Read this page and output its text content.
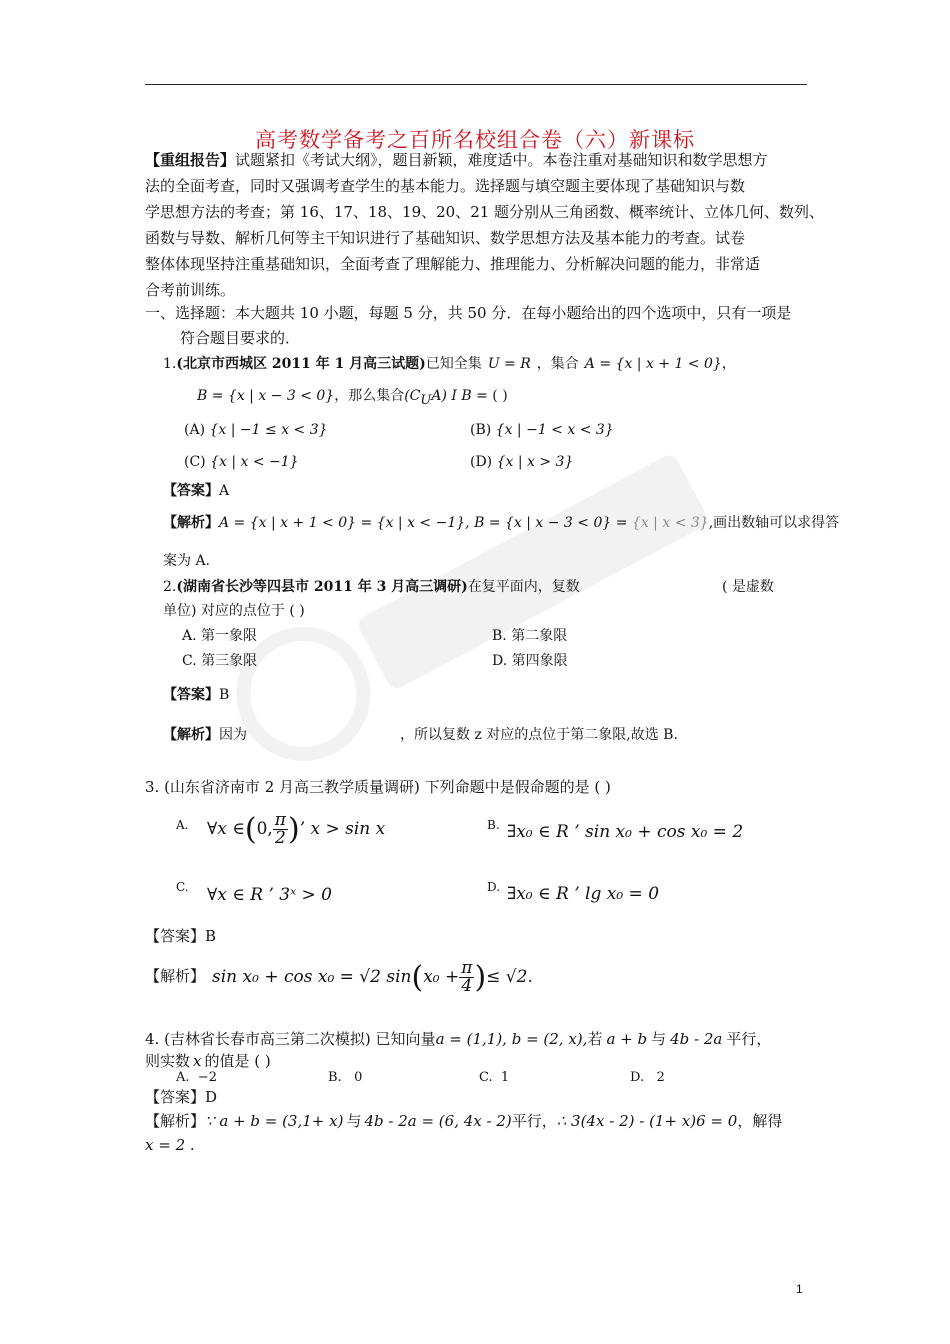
高考数学备考之百所名校组合卷（六）新课标
【重组报告】试题紧扣《考试大纲》，题目新颖，难度适中。本卷注重对基础知识和数学思想方
法的全面考查，同时又强调考查学生的基本能力。选择题与填空题主要体现了基础知识与数
学思想方法的考查；第 16、17、18、19、20、21 题分别从三角函数、概率统计、立体几何、数列、
函数与导数、解析几何等主干知识进行了基础知识、数学思想方法及基本能力的考查。试卷
整体体现坚持注重基础知识，全面考查了理解能力、推理能力、分析解决问题的能力，非常适
合考前训练。
一、选择题：本大题共 10 小题，每题 5 分，共 50 分．在每小题给出的四个选项中，只有一项是
符合题目要求的．
1.(北京市西城区 2011 年 1 月高三试题)已知全集 U = R ，集合 A = {x | x + 1 < 0}，
B = {x | x − 3 < 0}，那么集合$(C_UA)$ I B = ( )
(A) {x | −1 ≤ x < 3}	(B) {x | −1 < x < 3}
(C) {x | x < −1}	(D) {x | x > 3}
【答案】A
【解析】A = {x | x + 1 < 0} = {x | x < −1}, B = {x | x − 3 < 0} = {x | x < 3},画出数轴可以求得答
案为 A.
2.(湖南省长沙等四县市 2011 年 3 月高三调研)在复平面内，复数	( 是虚数
单位) 对应的点位于 ( )
A. 第一象限	B. 第二象限
C. 第三象限	D. 第四象限
【答案】B
【解析】因为	，所以复数 z 对应的点位于第二象限,故选 B.
3. (山东省济南市 2 月高三教学质量调研) 下列命题中是假命题的是 ( )
A. ∀x ∈(0, $\frac{\pi}{2}$ )’ x > sin x	B. ∃x₀ ∈ R ’ sin x₀ + cos x₀ = 2
C. ∀x ∈ R ’ 3ˣ > 0	D. ∃x₀ ∈ R ’ lg x₀ = 0
【答案】B
【解析】 sin x₀ + cos x₀ = √2 $\sin(x_0 + \frac{\pi}{4}$ )≤ √2.
4. (吉林省长春市高三第二次模拟) 已知向量a = (1,1), b = (2, x),若 a + b 与 4b - 2a 平行，
则实数 x 的值是 ( )
A. −2	B. 0	C. 1	D. 2
【答案】D
【解析】∵ a + b = (3,1+ x) 与 4b - 2a = (6, 4x - 2)平行，∴ 3(4x - 2) - (1+ x)6 = 0，解得
x = 2 .
1
